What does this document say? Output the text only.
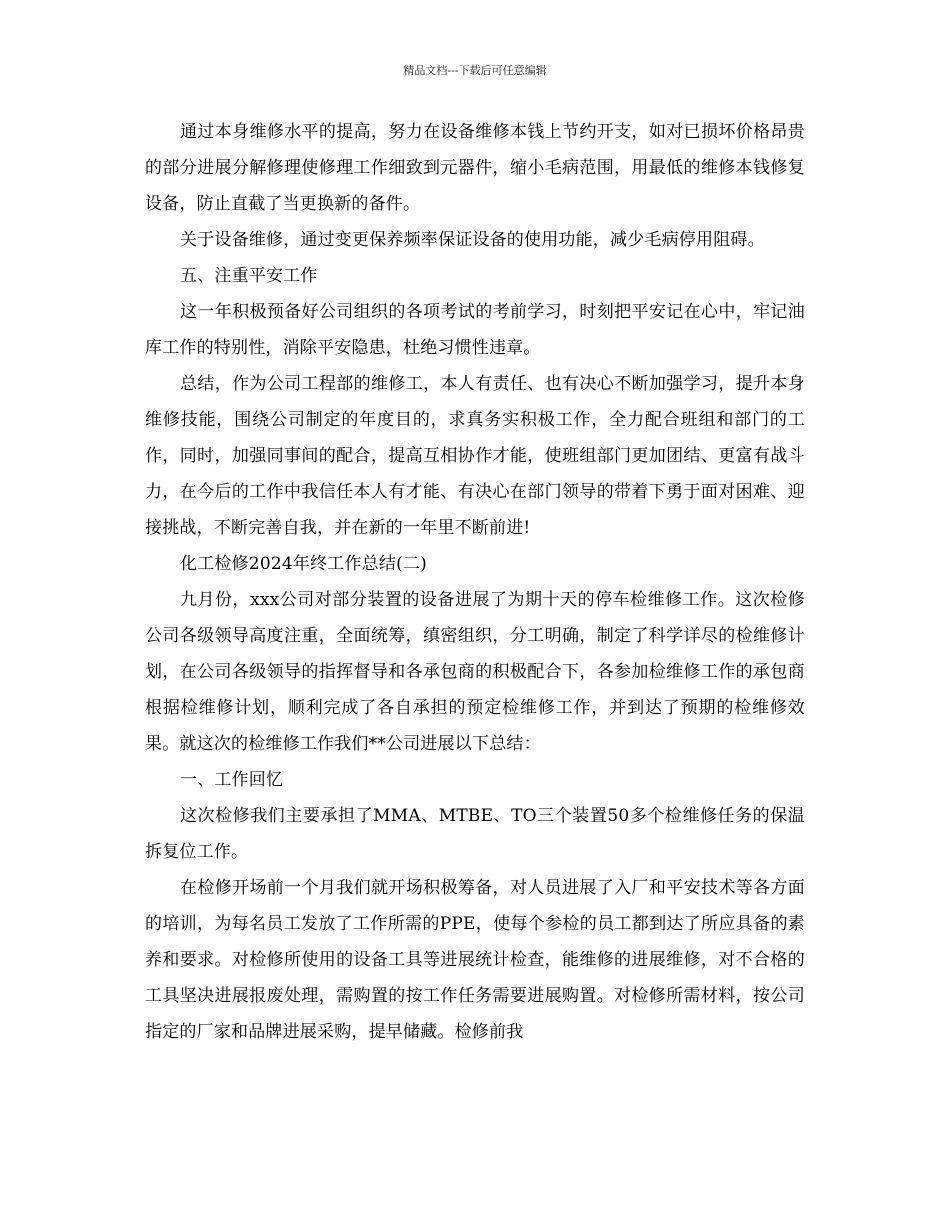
精品文档---下载后可任意编辑

通过本身维修水平的提高，努力在设备维修本钱上节约开支，如对已损坏价格昂贵的部分进展分解修理使修理工作细致到元器件，缩小毛病范围，用最低的维修本钱修复设备，防止直截了当更换新的备件。

关于设备维修，通过变更保养频率保证设备的使用功能，减少毛病停用阻碍。

五、注重平安工作

这一年积极预备好公司组织的各项考试的考前学习，时刻把平安记在心中，牢记油库工作的特别性，消除平安隐患，杜绝习惯性违章。

总结，作为公司工程部的维修工，本人有责任、也有决心不断加强学习，提升本身维修技能，围绕公司制定的年度目的，求真务实积极工作，全力配合班组和部门的工作，同时，加强同事间的配合，提高互相协作才能，使班组部门更加团结、更富有战斗力，在今后的工作中我信任本人有才能、有决心在部门领导的带着下勇于面对困难、迎接挑战，不断完善自我，并在新的一年里不断前进!

化工检修2024年终工作总结(二)

九月份，xxx公司对部分装置的设备进展了为期十天的停车检维修工作。这次检修公司各级领导高度注重，全面统筹，缜密组织，分工明确，制定了科学详尽的检维修计划，在公司各级领导的指挥督导和各承包商的积极配合下，各参加检维修工作的承包商根据检维修计划，顺利完成了各自承担的预定检维修工作，并到达了预期的检维修效果。就这次的检维修工作我们**公司进展以下总结：

一、工作回忆

这次检修我们主要承担了MMA、MTBE、TO三个装置50多个检维修任务的保温拆复位工作。

在检修开场前一个月我们就开场积极筹备，对人员进展了入厂和平安技术等各方面的培训，为每名员工发放了工作所需的PPE，使每个参检的员工都到达了所应具备的素养和要求。对检修所使用的设备工具等进展统计检查，能维修的进展维修，对不合格的工具坚决进展报废处理，需购置的按工作任务需要进展购置。对检修所需材料，按公司指定的厂家和品牌进展采购，提早储藏。检修前我
